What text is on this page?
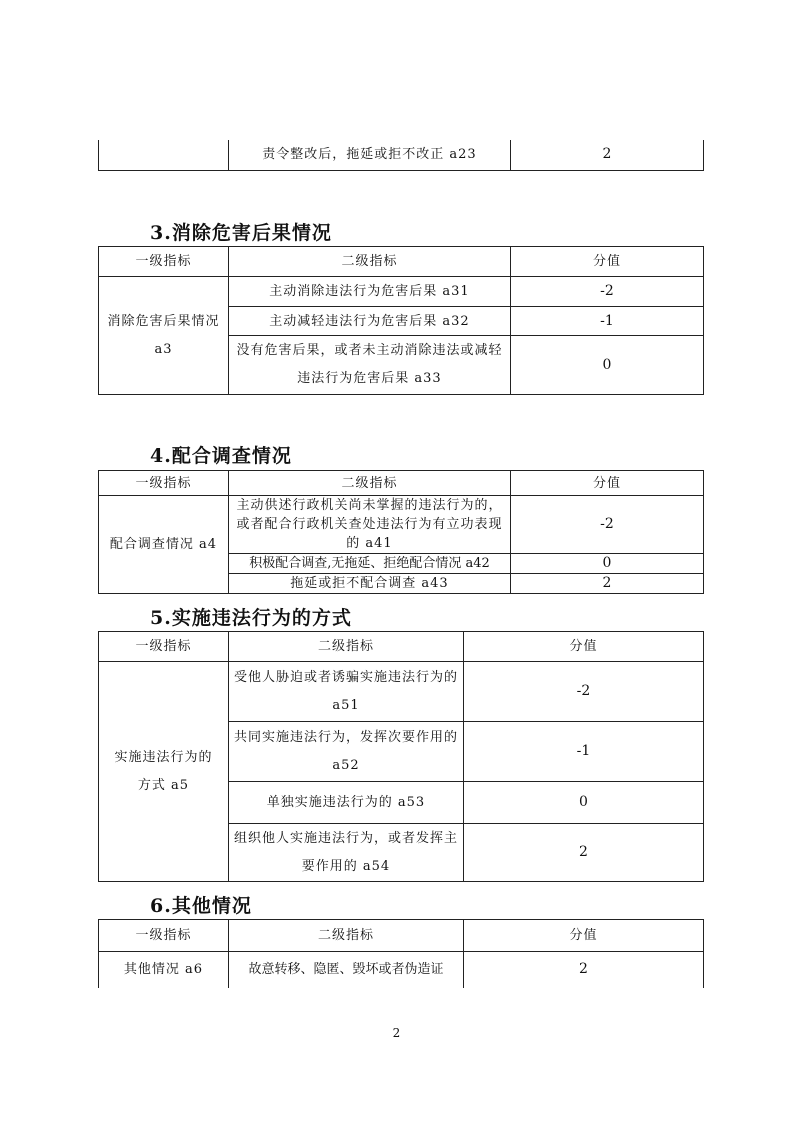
	责令整改后，拖延或拒不改正 a23	2
3.消除危害后果情况
一级指标	二级指标	分值
消除危害后果情况 a3	主动消除违法行为危害后果 a31	-2
	主动减轻违法行为危害后果 a32	-1
	没有危害后果，或者未主动消除违法或减轻违法行为危害后果 a33	0
4.配合调查情况
一级指标	二级指标	分值
配合调查情况 a4	主动供述行政机关尚未掌握的违法行为的，或者配合行政机关查处违法行为有立功表现的 a41	-2
	积极配合调查,无拖延、拒绝配合情况 a42	0
	拖延或拒不配合调查 a43	2
5.实施违法行为的方式
一级指标	二级指标	分值
实施违法行为的方式 a5	受他人胁迫或者诱骗实施违法行为的 a51	-2
	共同实施违法行为，发挥次要作用的 a52	-1
	单独实施违法行为的 a53	0
	组织他人实施违法行为，或者发挥主要作用的 a54	2
6.其他情况
一级指标	二级指标	分值
其他情况 a6	故意转移、隐匿、毁坏或者伪造证	2
2
